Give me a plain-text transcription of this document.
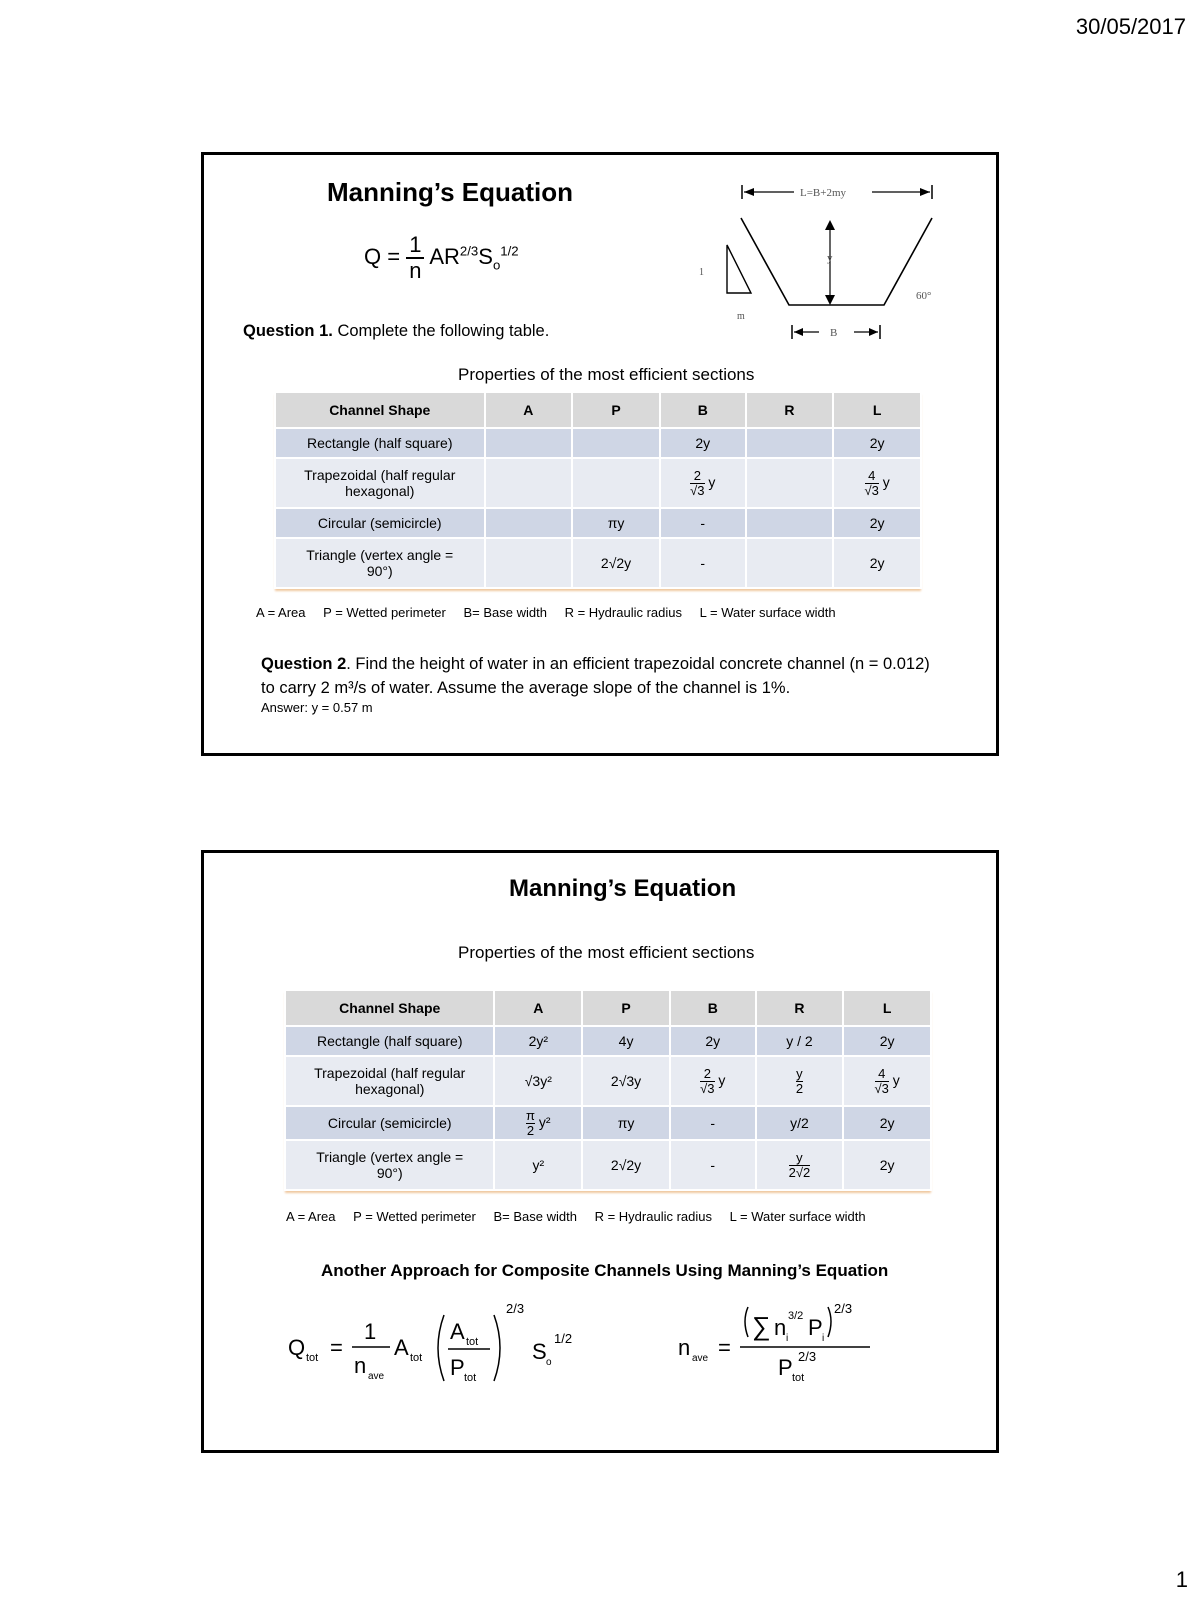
30/05/2017
Manning’s Equation
$Q = \frac{1}{n} AR^{2/3}S_o^{1/2}$
L=B+2my
y
60°
1
m
B
Question 1. Complete the following table.
Properties of the most efficient sections
Channel Shape	A	P	B	R	L
Rectangle (half square)			2y		2y
Trapezoidal (half regular hexagonal)			$\frac{2}{√3}$ y		$\frac{4}{√3}$ y
Circular (semicircle)		πy	-		2y
Triangle (vertex angle = 90°)		2√2y	-		2y
A = Area P = Wetted perimeter B= Base width R = Hydraulic radius L = Water surface width
Question 2. Find the height of water in an efficient trapezoidal concrete channel (n = 0.012) to carry 2 m³/s of water. Assume the average slope of the channel is 1%.
Answer: y = 0.57 m
Manning’s Equation
Properties of the most efficient sections
Channel Shape	A	P	B	R	L
Rectangle (half square)	2y²	4y	2y	y / 2	2y
Trapezoidal (half regular hexagonal)	√3y²	2√3y	$\frac{2}{√3}$ y	$\frac{y}{2}$	$\frac{4}{√3}$ y
Circular (semicircle)	$\frac{\pi}{2} y^2$	πy	-	y/2	2y
Triangle (vertex angle = 90°)	y²	2√2y	-	$\frac{y}{2√2}$	2y
A = Area P = Wetted perimeter B= Base width R = Hydraulic radius L = Water surface width
Another Approach for Composite Channels Using Manning’s Equation
Q tot =
1
n ave
A tot
A tot
P tot
2/3
S o
1/2	n ave =
∑ n i
3/2 P i
2/3
P tot
2/3
1
